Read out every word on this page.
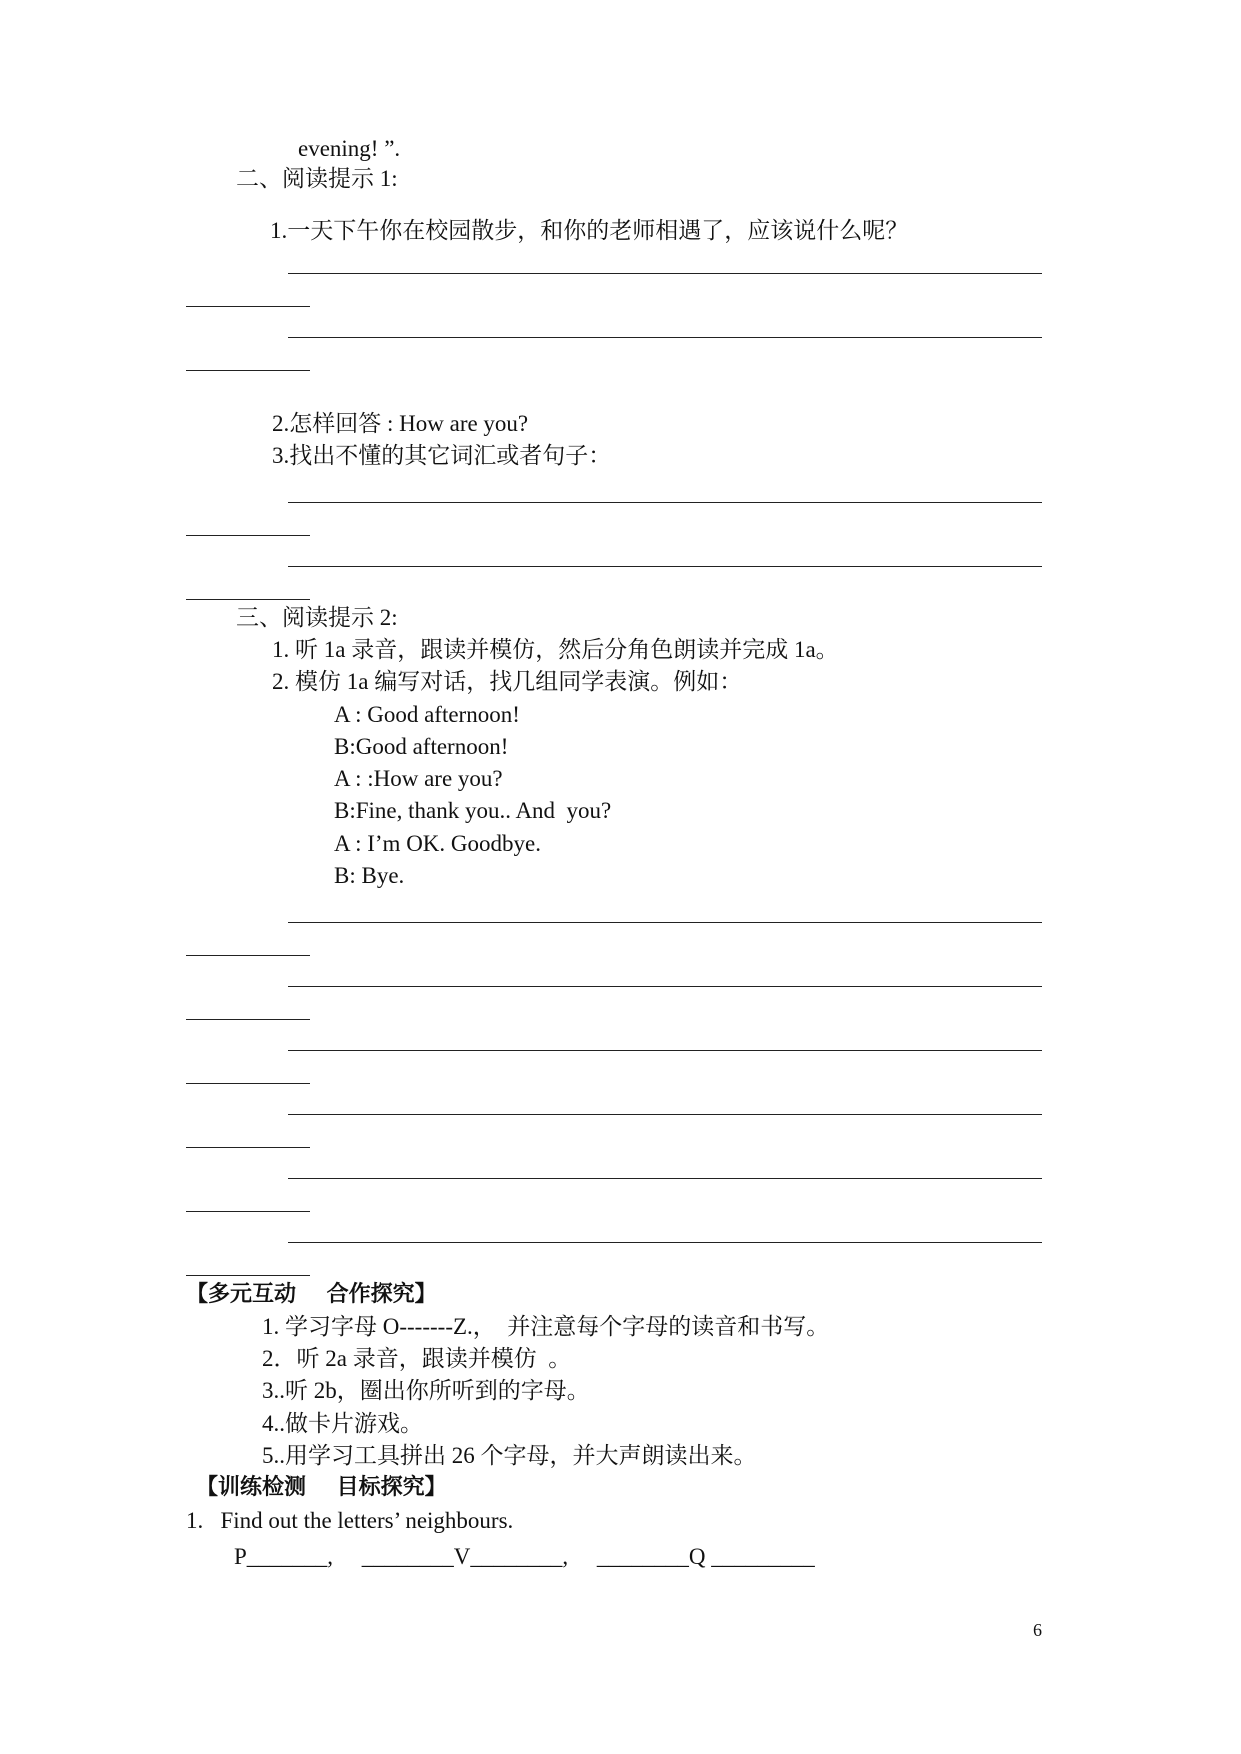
evening! ”.
二、阅读提示 1:
1.一天下午你在校园散步，和你的老师相遇了，应该说什么呢？
2.怎样回答 : How are you?
3.找出不懂的其它词汇或者句子：
三、阅读提示 2:
1. 听 1a 录音，跟读并模仿，然后分角色朗读并完成 1a。
2. 模仿 1a 编写对话，找几组同学表演。例如：
A : Good afternoon!
B:Good afternoon!
A : :How are you?
B:Fine, thank you.. And  you?
A : I’m OK. Goodbye.
B: Bye.
【多元互动    合作探究】
1. 学习字母 O-------Z.，  并注意每个字母的读音和书写。
2．听 2a 录音，跟读并模仿  。
3..听 2b，圈出你所听到的字母。
4..做卡片游戏。
5..用学习工具拼出 26 个字母，并大声朗读出来。
【训练检测    目标探究】
1.   Find out the letters’ neighbours.
P_______,     ________V________,     ________Q _________
6
